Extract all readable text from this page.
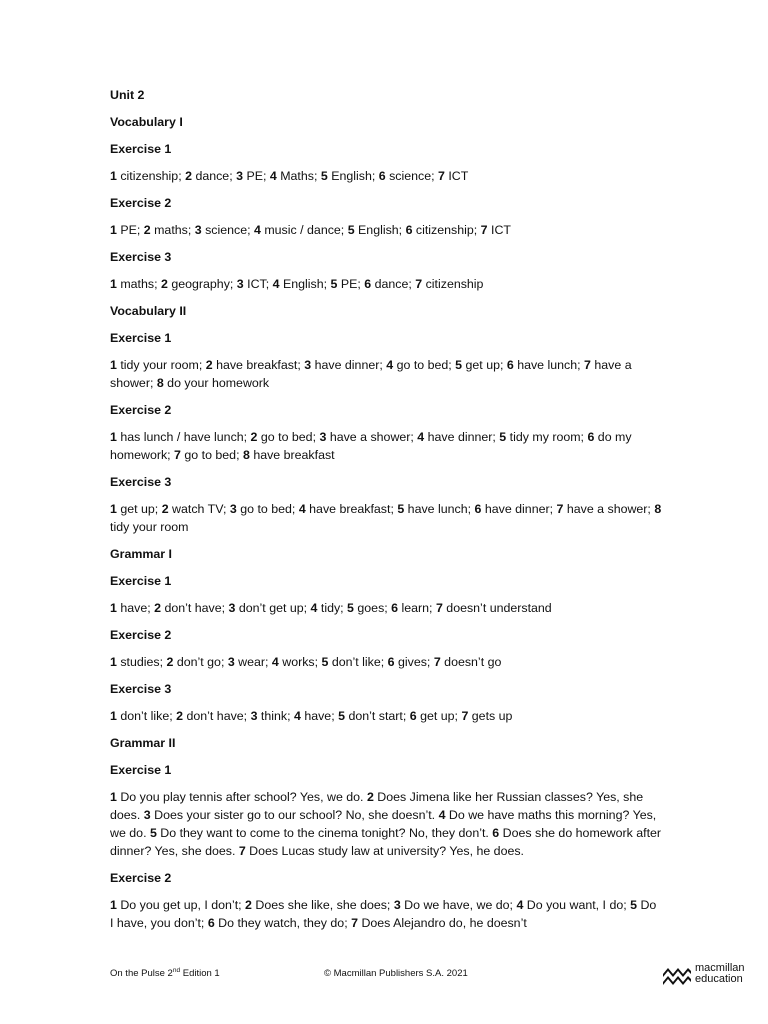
Unit 2

Vocabulary I

Exercise 1

1 citizenship; 2 dance; 3 PE; 4 Maths; 5 English; 6 science; 7 ICT

Exercise 2

1 PE; 2 maths; 3 science; 4 music / dance; 5 English; 6 citizenship; 7 ICT

Exercise 3

1 maths; 2 geography; 3 ICT; 4 English; 5 PE; 6 dance; 7 citizenship

Vocabulary II

Exercise 1

1 tidy your room; 2 have breakfast; 3 have dinner; 4 go to bed; 5 get up; 6 have lunch; 7 have a shower; 8 do your homework

Exercise 2

1 has lunch / have lunch; 2 go to bed; 3 have a shower; 4 have dinner; 5 tidy my room; 6 do my homework; 7 go to bed; 8 have breakfast

Exercise 3

1 get up; 2 watch TV; 3 go to bed; 4 have breakfast; 5 have lunch; 6 have dinner; 7 have a shower; 8 tidy your room

Grammar I

Exercise 1

1 have; 2 don’t have; 3 don’t get up; 4 tidy; 5 goes; 6 learn; 7 doesn’t understand

Exercise 2

1 studies; 2 don’t go; 3 wear; 4 works; 5 don’t like; 6 gives; 7 doesn’t go

Exercise 3

1 don’t like; 2 don’t have; 3 think; 4 have; 5 don’t start; 6 get up; 7 gets up

Grammar II

Exercise 1

1 Do you play tennis after school? Yes, we do. 2 Does Jimena like her Russian classes? Yes, she does. 3 Does your sister go to our school? No, she doesn’t. 4 Do we have maths this morning? Yes, we do. 5 Do they want to come to the cinema tonight? No, they don’t. 6 Does she do homework after dinner? Yes, she does. 7 Does Lucas study law at university? Yes, he does.

Exercise 2

1 Do you get up, I don’t; 2 Does she like, she does; 3 Do we have, we do; 4 Do you want, I do; 5 Do I have, you don’t; 6 Do they watch, they do; 7 Does Alejandro do, he doesn’t

On the Pulse 2nd Edition 1	© Macmillan Publishers S.A. 2021	macmillan
education
